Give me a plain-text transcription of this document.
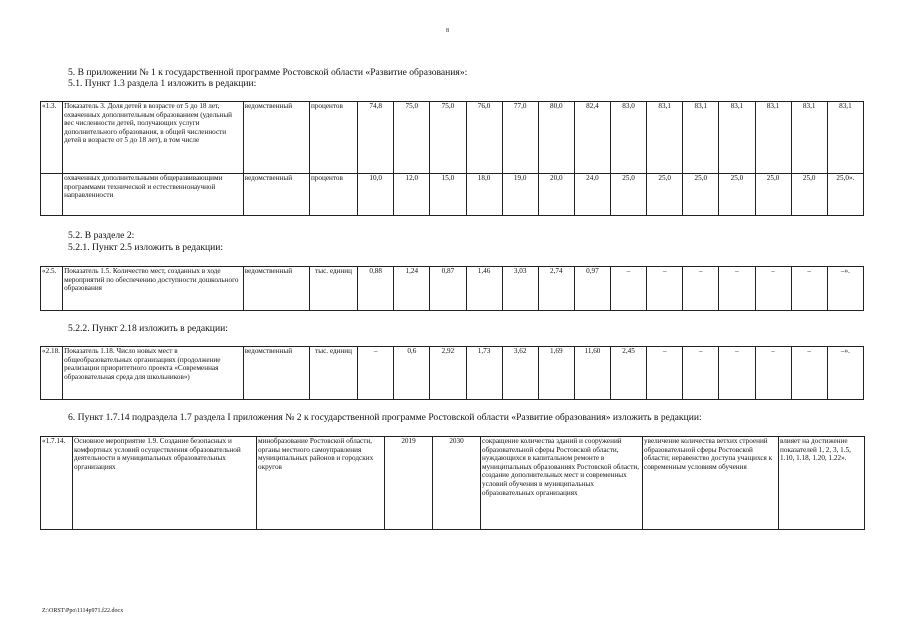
8
5. В приложении № 1 к государственной программе Ростовской области «Развитие образования»:
5.1. Пункт 1.3 раздела 1 изложить в редакции:
«1.3.	Показатель 3. Доля детей в возрасте от 5 до 18 лет, охваченных дополнительным образованием (удельный вес численности детей, получающих услуги дополнительного образования, в общей численности детей в возрасте от 5 до 18 лет), в том числе	ведомственный	процентов	74,8	75,0	75,0	76,0	77,0	80,0	82,4	83,0	83,1	83,1	83,1	83,1	83,1	83,1
	охваченных дополнительными общеразвивающими программами технической и естественнонаучной направленности	ведомственный	процентов	10,0	12,0	15,0	18,0	19,0	20,0	24,0	25,0	25,0	25,0	25,0	25,0	25,0	25,0».
5.2. В разделе 2:
5.2.1. Пункт 2.5 изложить в редакции:
«2.5.	Показатель 1.5. Количество мест, созданных в ходе мероприятий по обеспечению доступности дошкольного образования	ведомственный	тыс. единиц	0,88	1,24	0,87	1,46	3,03	2,74	0,97	–	–	–	–	–	–	–».
5.2.2. Пункт 2.18 изложить в редакции:
«2.18.	Показатель 1.18. Число новых мест в общеобразовательных организациях (продолжение реализации приоритетного проекта «Современная образовательная среда для школьников»)	ведомственный	тыс. единиц	–	0,6	2,92	1,73	3,62	1,69	11,60	2,45	–	–	–	–	–	–».
6. Пункт 1.7.14 подраздела 1.7 раздела I приложения № 2 к государственной программе Ростовской области «Развитие образования» изложить в редакции:
«1.7.14.	Основное мероприятие 1.9. Создание безопасных и комфортных условий осуществления образовательной деятельности в муниципальных образовательных организациях	минобразование Ростовской области, органы местного самоуправления муниципальных районов и городских округов	2019	2030	сокращение количества зданий и сооружений образовательной сферы Ростовской области, нуждающихся в капитальном ремонте в муниципальных образованиях Ростовской области, создание дополнительных мест и современных условий обучения в муниципальных образовательных организациях	увеличение количества ветхих строений образовательной сферы Ростовской области; неравенство доступа учащихся к современным условиям обучения	влияет на достижение показателей 1, 2, 3, 1.5, 1.10, 1.18, 1.20, 1.22».
Z:\ORST\Ppo\1114p971.f22.docx
